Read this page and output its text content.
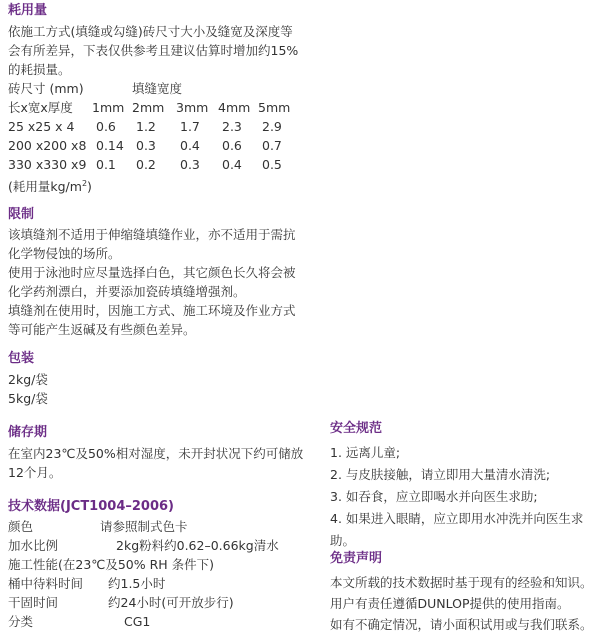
耗用量
依施工方式(填缝或勾缝)砖尺寸大小及缝宽及深度等
会有所差异，下表仅供参考且建议估算时增加约15%
的耗损量。
砖尺寸 (mm)	填缝宽度
长x宽x厚度 1mm 2mm 3mm 4mm 5mm
25 x25 x 4 0.6 1.2 1.7 2.3 2.9
200 x200 x8 0.14 0.3 0.4 0.6 0.7
330 x330 x9 0.1 0.2 0.3 0.4 0.5
(耗用量kg/m$^2$)
限制
该填缝剂不适用于伸缩缝填缝作业，亦不适用于需抗
化学物侵蚀的场所。
使用于泳池时应尽量选择白色，其它颜色长久将会被
化学药剂漂白，并要添加瓷砖填缝增强剂。
填缝剂在使用时，因施工方式、施工环境及作业方式
等可能产生返碱及有些颜色差异。
包装
2kg/袋
5kg/袋
储存期
在室内23℃及50%相对湿度，未开封状况下约可储放
12个月。
技术数据(JCT1004–2006)
颜色	请参照制式色卡
加水比例	2kg粉料约0.62–0.66kg清水
施工性能(在23℃及50% RH 条件下)
桶中待料时间 约1.5小时
干固时间	约24小时(可开放步行)
分类	CG1
安全规范
1. 远离儿童;
2. 与皮肤接触，请立即用大量清水清洗;
3. 如吞食，应立即喝水并向医生求助;
4. 如果进入眼睛，应立即用水冲洗并向医生求助。
免责声明
本文所载的技术数据时基于现有的经验和知识。
用户有责任遵循DUNLOP提供的使用指南。
如有不确定情况，请小面积试用或与我们联系。
